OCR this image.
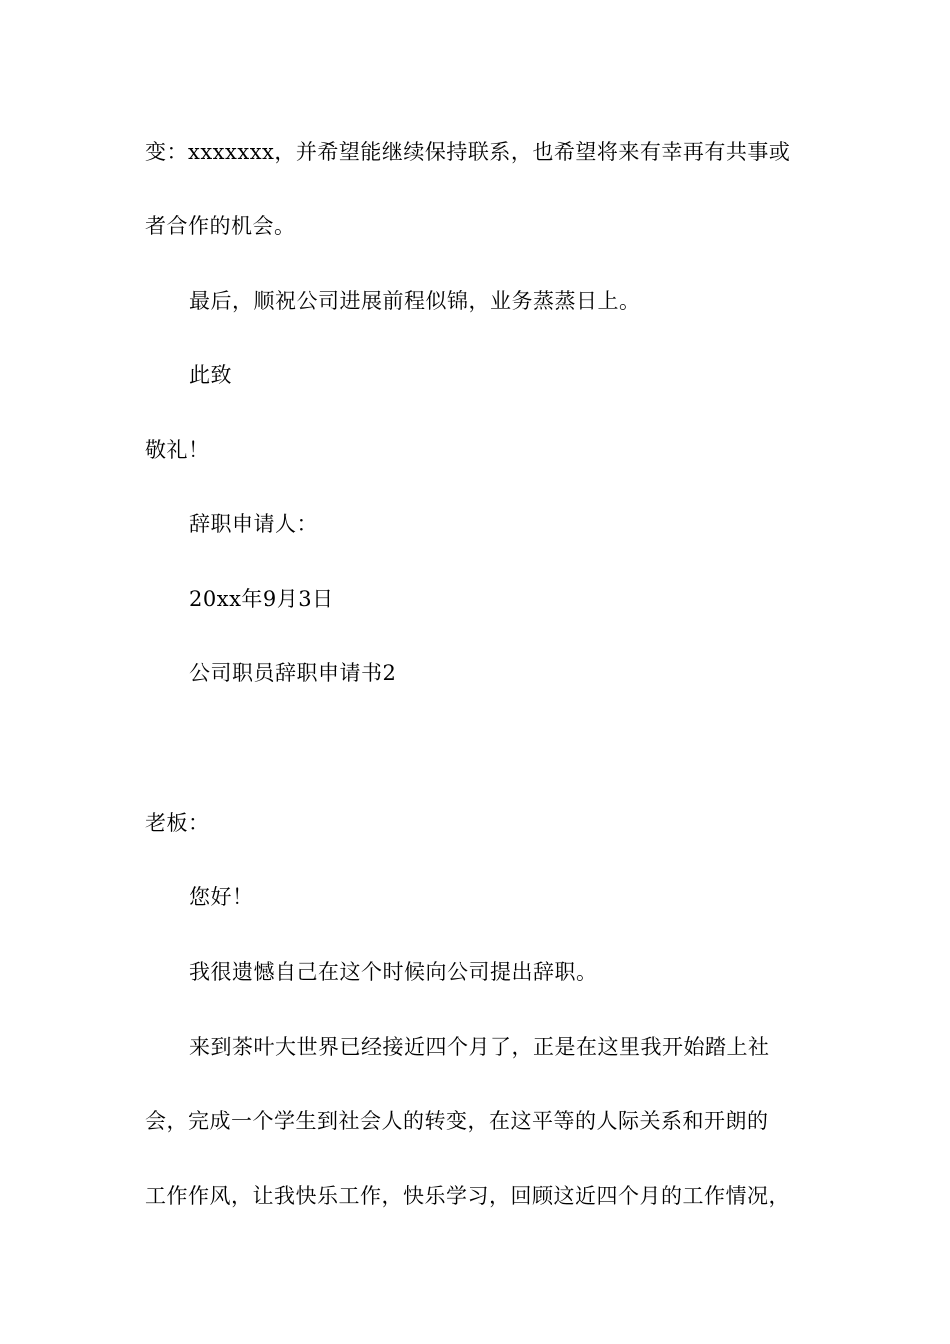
变：xxxxxxx，并希望能继续保持联系，也希望将来有幸再有共事或
者合作的机会。
最后，顺祝公司进展前程似锦，业务蒸蒸日上。
此致
敬礼！
辞职申请人：
20xx年9月3日
公司职员辞职申请书2
老板：
您好！
我很遗憾自己在这个时候向公司提出辞职。
来到茶叶大世界已经接近四个月了，正是在这里我开始踏上社
会，完成一个学生到社会人的转变，在这平等的人际关系和开朗的
工作作风，让我快乐工作，快乐学习，回顾这近四个月的工作情况，
